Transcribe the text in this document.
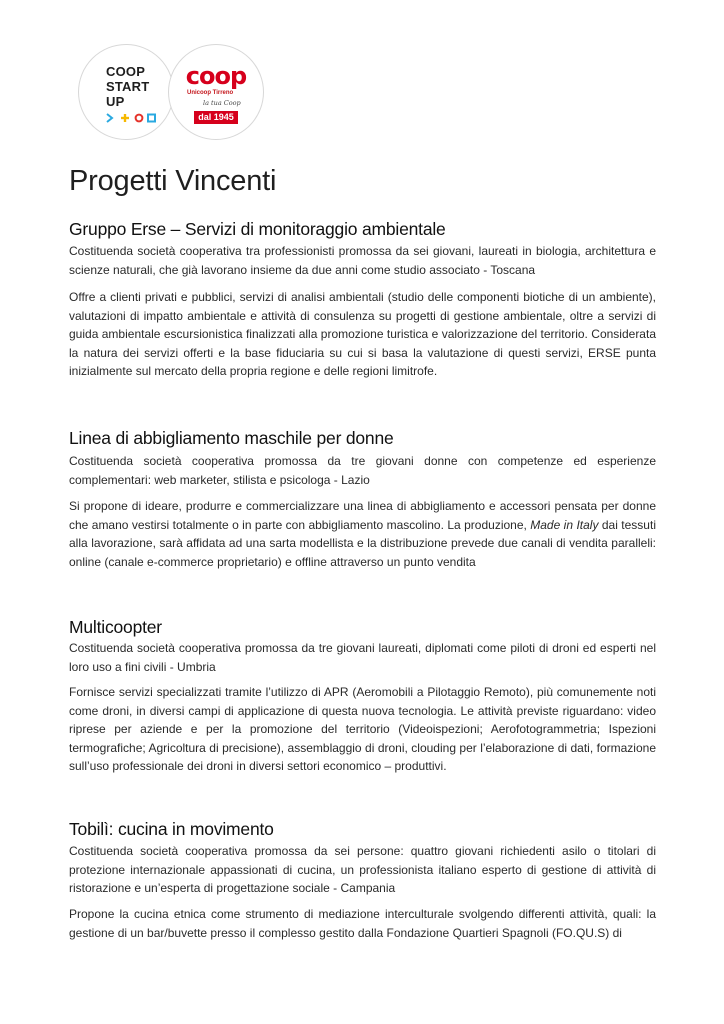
COOP
START
UP
coop
Unicoop Tirreno
la tua Coop
dal 1945
Progetti Vincenti
Gruppo Erse – Servizi di monitoraggio ambientale

Costituenda società cooperativa tra professionisti promossa da sei giovani, laureati in biologia, architettura e scienze naturali, che già lavorano insieme da due anni come studio associato - Toscana

Offre a clienti privati e pubblici, servizi di analisi ambientali (studio delle componenti biotiche di un ambiente), valutazioni di impatto ambientale e attività di consulenza su progetti di gestione ambientale, oltre a servizi di guida ambientale escursionistica finalizzati alla promozione turistica e valorizzazione del territorio. Considerata la natura dei servizi offerti e la base fiduciaria su cui si basa la valutazione di questi servizi, ERSE punta inizialmente sul mercato della propria regione e delle regioni limitrofe.

Linea di abbigliamento maschile per donne

Costituenda società cooperativa promossa da tre giovani donne con competenze ed esperienze complementari: web marketer, stilista e psicologa - Lazio

Si propone di ideare, produrre e commercializzare una linea di abbigliamento e accessori pensata per donne che amano vestirsi totalmente o in parte con abbigliamento mascolino. La produzione, Made in Italy dai tessuti alla lavorazione, sarà affidata ad una sarta modellista e la distribuzione prevede due canali di vendita paralleli: online (canale e-commerce proprietario) e offline attraverso un punto vendita

Multicoopter

Costituenda società cooperativa promossa da tre giovani laureati, diplomati come piloti di droni ed esperti nel loro uso a fini civili - Umbria

Fornisce servizi specializzati tramite l’utilizzo di APR (Aeromobili a Pilotaggio Remoto), più comunemente noti come droni, in diversi campi di applicazione di questa nuova tecnologia. Le attività previste riguardano: video riprese per aziende e per la promozione del territorio (Videoispezioni; Aerofotogrammetria; Ispezioni termografiche; Agricoltura di precisione), assemblaggio di droni, clouding per l’elaborazione di dati, formazione sull’uso professionale dei droni in diversi settori economico – produttivi.

Tobilì: cucina in movimento

Costituenda società cooperativa promossa da sei persone: quattro giovani richiedenti asilo o titolari di protezione internazionale appassionati di cucina, un professionista italiano esperto di gestione di attività di ristorazione e un’esperta di progettazione sociale - Campania

Propone la cucina etnica come strumento di mediazione interculturale svolgendo differenti attività, quali: la gestione di un bar/buvette presso il complesso gestito dalla Fondazione Quartieri Spagnoli (FO.QU.S) di
